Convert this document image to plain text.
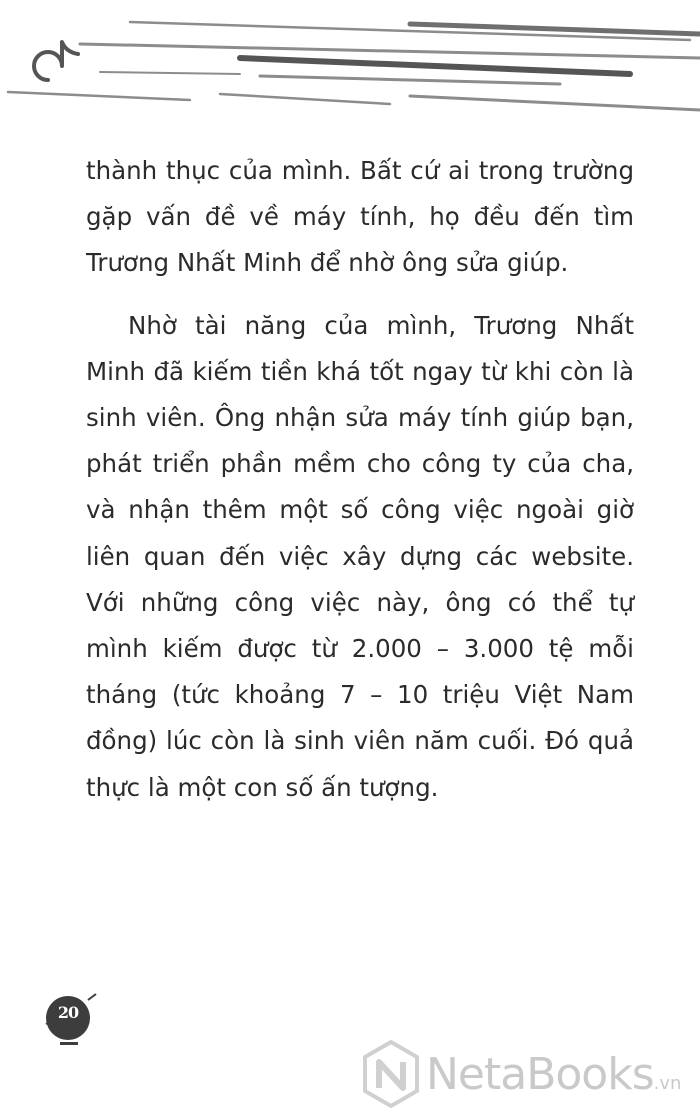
thành thục của mình. Bất cứ ai trong trường gặp vấn đề về máy tính, họ đều đến tìm Trương Nhất Minh để nhờ ông sửa giúp.

Nhờ tài năng của mình, Trương Nhất Minh đã kiếm tiền khá tốt ngay từ khi còn là sinh viên. Ông nhận sửa máy tính giúp bạn, phát triển phần mềm cho công ty của cha, và nhận thêm một số công việc ngoài giờ liên quan đến việc xây dựng các website. Với những công việc này, ông có thể tự mình kiếm được từ 2.000 – 3.000 tệ mỗi tháng (tức khoảng 7 – 10 triệu Việt Nam đồng) lúc còn là sinh viên năm cuối. Đó quả thực là một con số ấn tượng.

20
NetaBooks.vn
